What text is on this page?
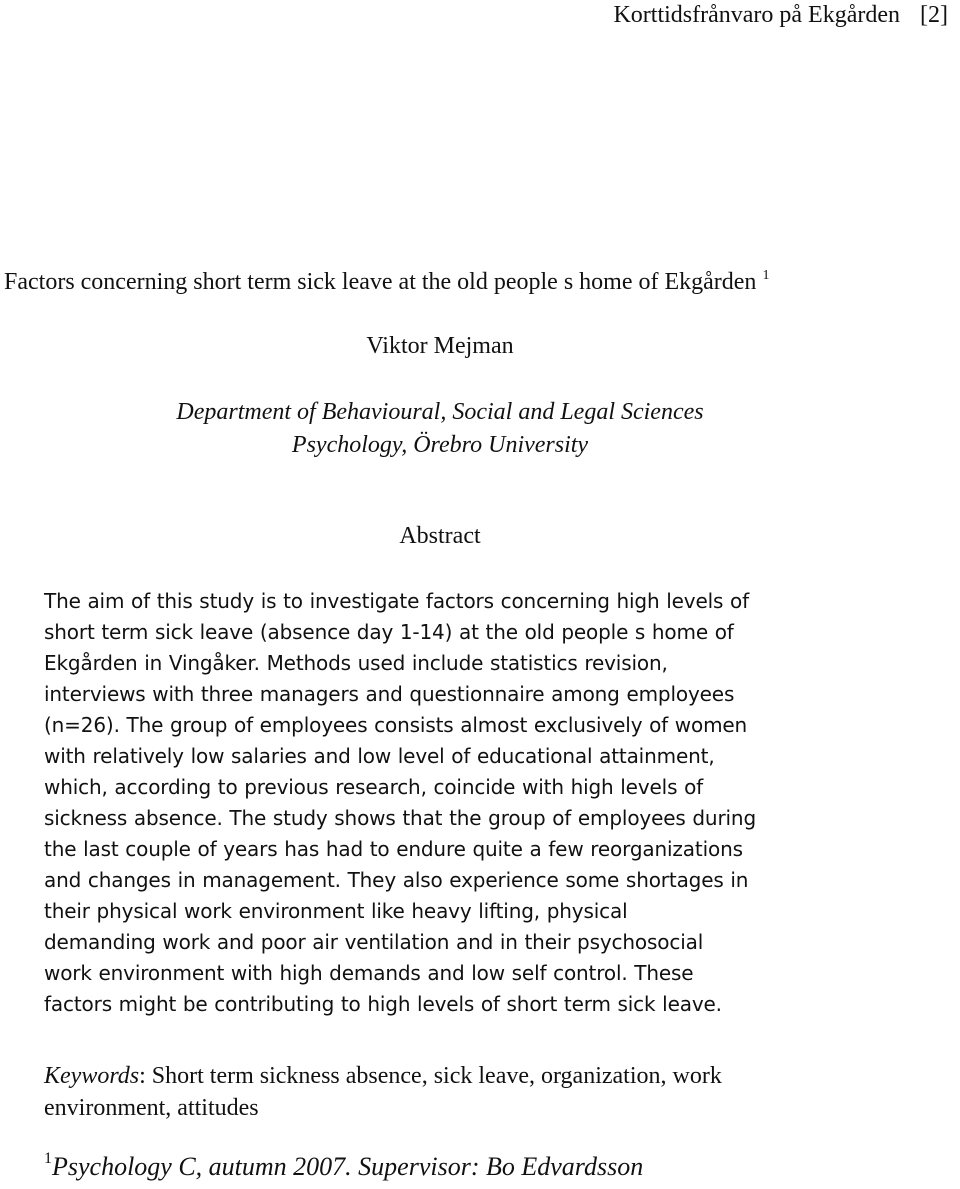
Korttidsfrånvaro på Ekgården [2]
Factors concerning short term sick leave at the old people s home of Ekgården $^1$
Viktor Mejman
Department of Behavioural, Social and Legal Sciences
Psychology, Örebro University
Abstract
The aim of this study is to investigate factors concerning high levels of
short term sick leave (absence day 1-14) at the old people s home of
Ekgården in Vingåker. Methods used include statistics revision,
interviews with three managers and questionnaire among employees
(n=26). The group of employees consists almost exclusively of women
with relatively low salaries and low level of educational attainment,
which, according to previous research, coincide with high levels of
sickness absence. The study shows that the group of employees during
the last couple of years has had to endure quite a few reorganizations
and changes in management. They also experience some shortages in
their physical work environment like heavy lifting, physical
demanding work and poor air ventilation and in their psychosocial
work environment with high demands and low self control. These
factors might be contributing to high levels of short term sick leave.
Keywords: Short term sickness absence, sick leave, organization, work
environment, attitudes
$^1$Psychology C, autumn 2007. Supervisor: Bo Edvardsson
